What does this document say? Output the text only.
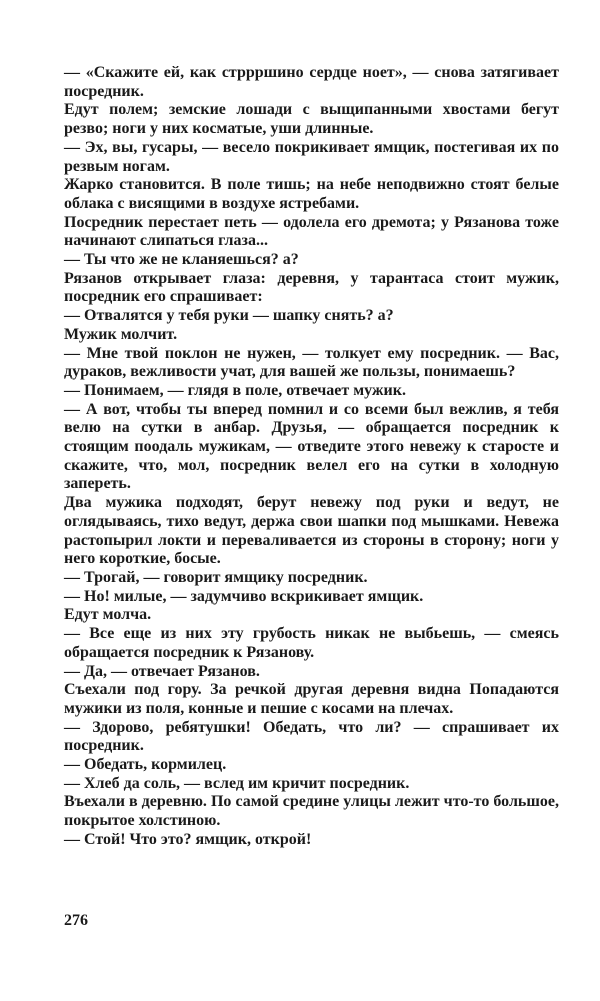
— «Скажите ей, как стррршино сердце ноет», — снова затягивает посредник.

Едут полем; земские лошади с выщипанными хвостами бегут резво; ноги у них косматые, уши длинные.

— Эх, вы, гусары, — весело покрикивает ямщик, постегивая их по резвым ногам.

Жарко становится. В поле тишь; на небе неподвижно стоят белые облака с висящими в воздухе ястребами.

Посредник перестает петь — одолела его дремота; у Рязанова тоже начинают слипаться глаза...

— Ты что же не кланяешься? а?

Рязанов открывает глаза: деревня, у тарантаса стоит мужик, посредник его спрашивает:

— Отвалятся у тебя руки — шапку снять? а?

Мужик молчит.

— Мне твой поклон не нужен, — толкует ему посредник. — Вас, дураков, вежливости учат, для вашей же пользы, понимаешь?

— Понимаем, — глядя в поле, отвечает мужик.

— А вот, чтобы ты вперед помнил и со всеми был вежлив, я тебя велю на сутки в анбар. Друзья, — обращается посредник к стоящим поодаль мужикам, — отведите этого невежу к старосте и скажите, что, мол, посредник велел его на сутки в холодную запереть.

Два мужика подходят, берут невежу под руки и ведут, не оглядываясь, тихо ведут, держа свои шапки под мышками. Невежа растопырил локти и переваливается из стороны в сторону; ноги у него короткие, босые.

— Трогай, — говорит ямщику посредник.

— Но! милые, — задумчиво вскрикивает ямщик.

Едут молча.

— Все еще из них эту грубость никак не выбьешь, — смеясь обращается посредник к Рязанову.

— Да, — отвечает Рязанов.

Съехали под гору. За речкой другая деревня видна Попадаются мужики из поля, конные и пешие с косами на плечах.

— Здорово, ребятушки! Обедать, что ли? — спрашивает их посредник.

— Обедать, кормилец.

— Хлеб да соль, — вслед им кричит посредник.

Въехали в деревню. По самой средине улицы лежит что-то большое, покрытое холстиною.

— Стой! Что это? ямщик, открой!

276
